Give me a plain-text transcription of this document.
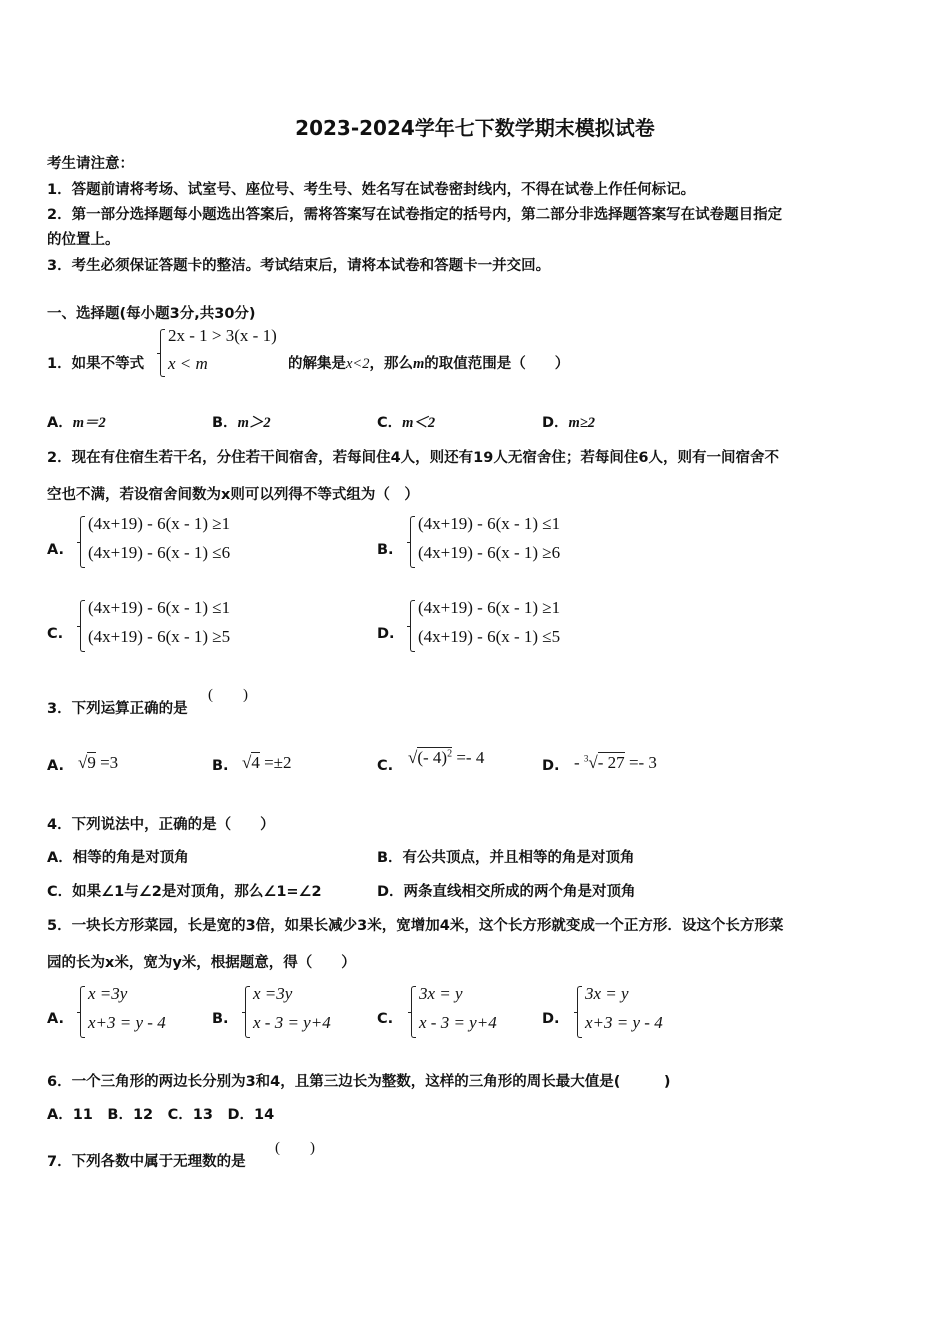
2023-2024学年七下数学期末模拟试卷
考生请注意：
1．答题前请将考场、试室号、座位号、考生号、姓名写在试卷密封线内，不得在试卷上作任何标记。
2．第一部分选择题每小题选出答案后，需将答案写在试卷指定的括号内，第二部分非选择题答案写在试卷题目指定
的位置上。
3．考生必须保证答题卡的整洁。考试结束后，请将本试卷和答题卡一并交回。
一、选择题(每小题3分,共30分)
1．如果不等式
2x - 1 > 3(x - 1)
x < m	的解集是x<2，那么m的取值范围是（　　）
A．m＝2	B．m＞2	C．m＜2	D．m≥2
2．现在有住宿生若干名，分住若干间宿舍，若每间住4人，则还有19人无宿舍住；若每间住6人，则有一间宿舍不
空也不满，若设宿舍间数为x则可以列得不等式组为（　）
A.
(4x+19) - 6(x - 1) ≥1
(4x+19) - 6(x - 1) ≤6	B.
(4x+19) - 6(x - 1) ≤1
(4x+19) - 6(x - 1) ≥6
C.
(4x+19) - 6(x - 1) ≤1
(4x+19) - 6(x - 1) ≥5	D.
(4x+19) - 6(x - 1) ≥1
(4x+19) - 6(x - 1) ≤5
3．下列运算正确的是
(　　)
A. √9 =3	B. √4 =±2	C. √(- 4)$^2$ =- 4	D. - $^3$√- 27 =- 3
4．下列说法中，正确的是（　　）
A．相等的角是对顶角	B．有公共顶点，并且相等的角是对顶角
C．如果∠1与∠2是对顶角，那么∠1=∠2	D．两条直线相交所成的两个角是对顶角
5．一块长方形菜园，长是宽的3倍，如果长减少3米，宽增加4米，这个长方形就变成一个正方形．设这个长方形菜
园的长为x米，宽为y米，根据题意，得（　　）
A.
x =3y
x+3 = y - 4	B.
x =3y
x - 3 = y+4	C.
3x = y
x - 3 = y+4	D.
3x = y
x+3 = y - 4
6．一个三角形的两边长分别为3和4，且第三边长为整数，这样的三角形的周长最大值是(　　　)
A．11　B．12　C．13　D．14
7．下列各数中属于无理数的是
(　　)
